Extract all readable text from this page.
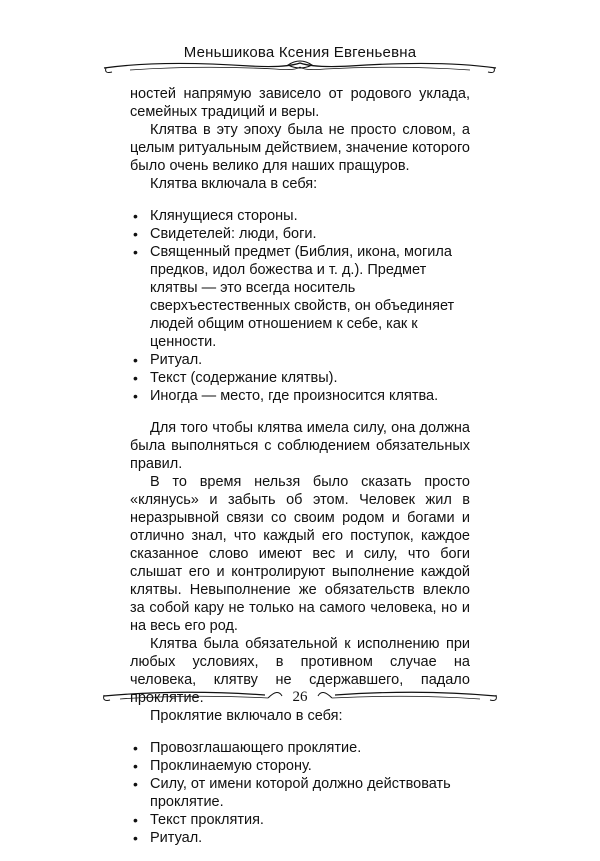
Меньшикова Ксения Евгеньевна

ностей напрямую зависело от родового уклада, семейных традиций и веры.

Клятва в эту эпоху была не просто словом, а целым ритуальным действием, значение которого было очень велико для наших пращуров.

Клятва включала в себя:

• Клянущиеся стороны.
• Свидетелей: люди, боги.
• Священный предмет (Библия, икона, могила предков, идол божества и т. д.). Предмет клятвы — это всегда носитель сверхъестественных свойств, он объединяет людей общим отношением к себе, как к ценности.
• Ритуал.
• Текст (содержание клятвы).
• Иногда — место, где произносится клятва.

Для того чтобы клятва имела силу, она должна была выполняться с соблюдением обязательных правил.

В то время нельзя было сказать просто «клянусь» и забыть об этом. Человек жил в неразрывной связи со своим родом и богами и отлично знал, что каждый его поступок, каждое сказанное слово имеют вес и силу, что боги слышат его и контролируют выполнение каждой клятвы. Невыполнение же обязательств влекло за собой кару не только на самого человека, но и на весь его род.

Клятва была обязательной к исполнению при любых условиях, в противном случае на человека, клятву не сдержавшего, падало проклятие.

Проклятие включало в себя:

• Провозглашающего проклятие.
• Проклинаемую сторону.
• Силу, от имени которой должно действовать проклятие.
• Текст проклятия.
• Ритуал.
26
